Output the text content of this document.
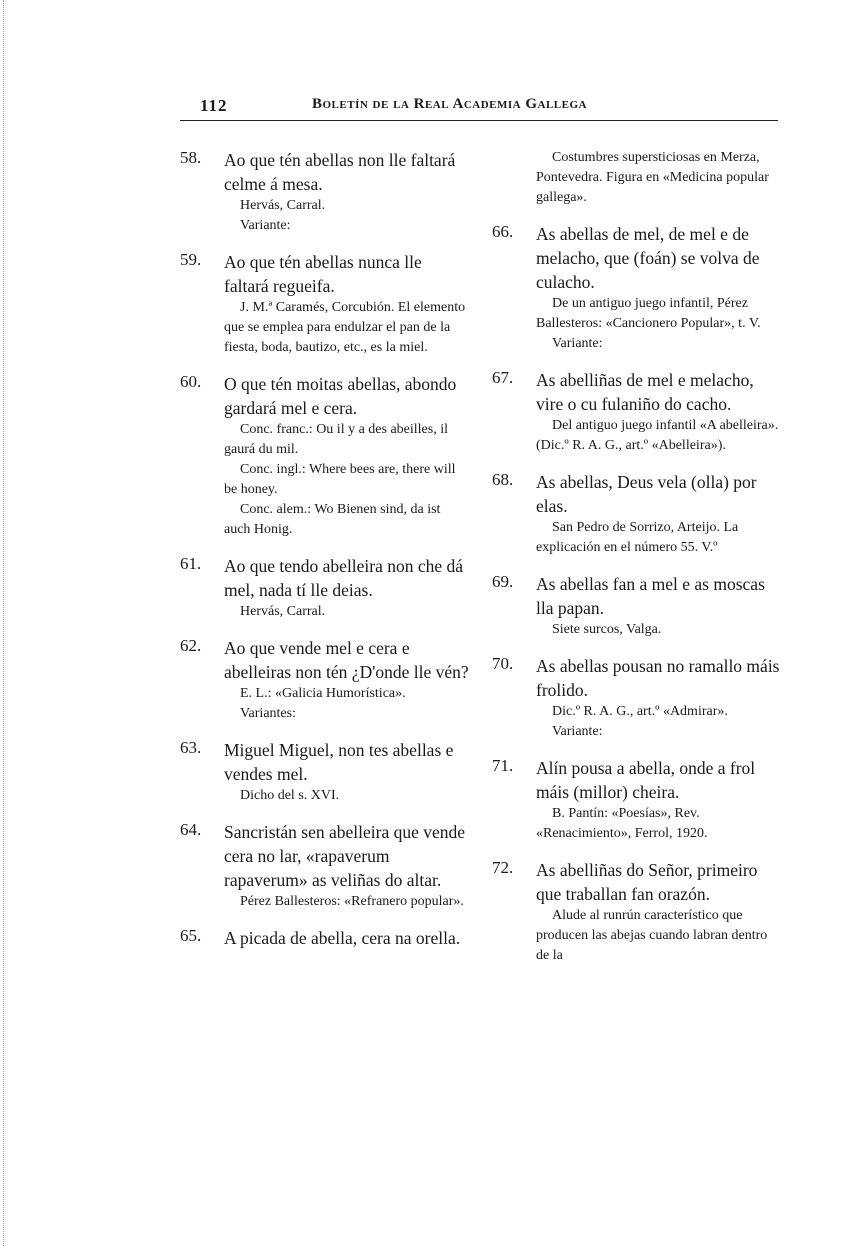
112	Boletín de la Real Academia Gallega
58. Ao que tén abellas non lle faltará celme á mesa.
Hervás, Carral.
Variante:
59. Ao que tén abellas nunca lle faltará regueifa.
J. M.ª Caramés, Corcubión. El elemento que se emplea para endulzar el pan de la fiesta, boda, bautizo, etc., es la miel.
60. O que tén moitas abellas, abondo gardará mel e cera.
Conc. franc.: Ou il y a des abeilles, il gaurá du mil.
Conc. ingl.: Where bees are, there will be honey.
Conc. alem.: Wo Bienen sind, da ist auch Honig.
61. Ao que tendo abelleira non che dá mel, nada tí lle deias.
Hervás, Carral.
62. Ao que vende mel e cera e abelleiras non tén ¿D'onde lle vén?
E. L.: «Galicia Humorística».
Variantes:
63. Miguel Miguel, non tes abellas e vendes mel.
Dicho del s. XVI.
64. Sancristán sen abelleira que vende cera no lar, «rapaverum rapaverum» as veliñas do altar.
Pérez Ballesteros: «Refranero popular».
65. A picada de abella, cera na orella.
Costumbres supersticiosas en Merza, Pontevedra. Figura en «Medicina popular gallega».
66. As abellas de mel, de mel e de melacho, que (foán) se volva de culacho.
De un antiguo juego infantil, Pérez Ballesteros: «Cancionero Popular», t. V.
Variante:
67. As abelliñas de mel e melacho, vire o cu fulaniño do cacho.
Del antiguo juego infantil «A abelleira». (Dic.º R. A. G., art.º «Abelleira»).
68. As abellas, Deus vela (olla) por elas.
San Pedro de Sorrizo, Arteijo. La explicación en el número 55. V.º
69. As abellas fan a mel e as moscas lla papan.
Siete surcos, Valga.
70. As abellas pousan no ramallo máis frolido.
Dic.º R. A. G., art.º «Admirar».
Variante:
71. Alín pousa a abella, onde a frol máis (millor) cheira.
B. Pantín: «Poesías», Rev. «Renacimiento», Ferrol, 1920.
72. As abelliñas do Señor, primeiro que traballan fan orazón.
Alude al runrún característico que producen las abejas cuando labran dentro de la
